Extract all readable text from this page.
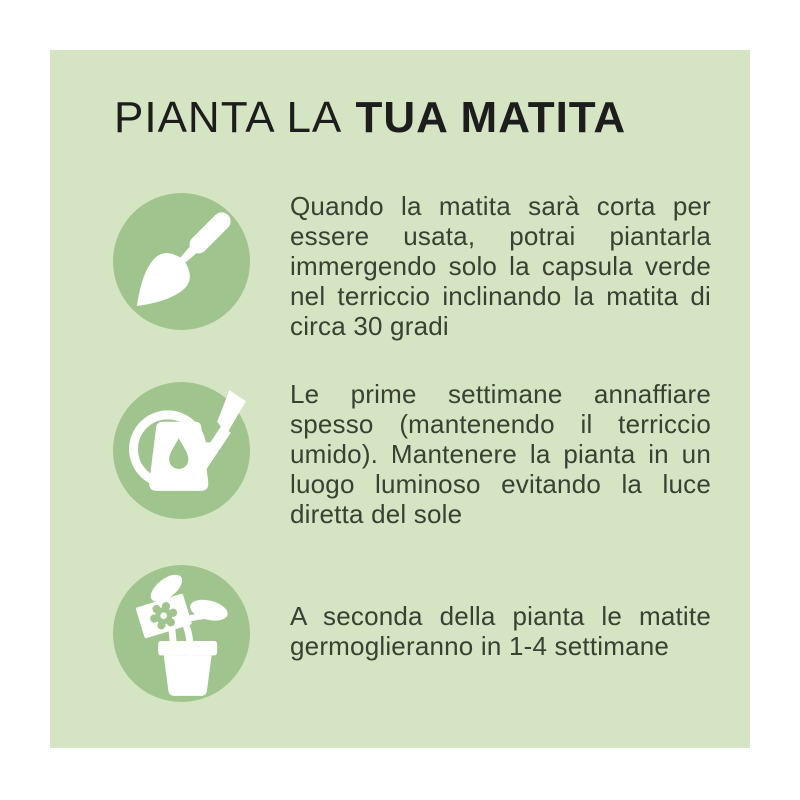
PIANTA LA TUA MATITA

Quando la matita sarà corta per essere usata, potrai piantarla immergendo solo la capsula verde nel terriccio inclinando la matita di circa 30 gradi

Le prime settimane annaffiare spesso (mantenendo il terriccio umido). Mantenere la pianta in un luogo luminoso evitando la luce diretta del sole

A seconda della pianta le matite germoglieranno in 1-4 settimane
